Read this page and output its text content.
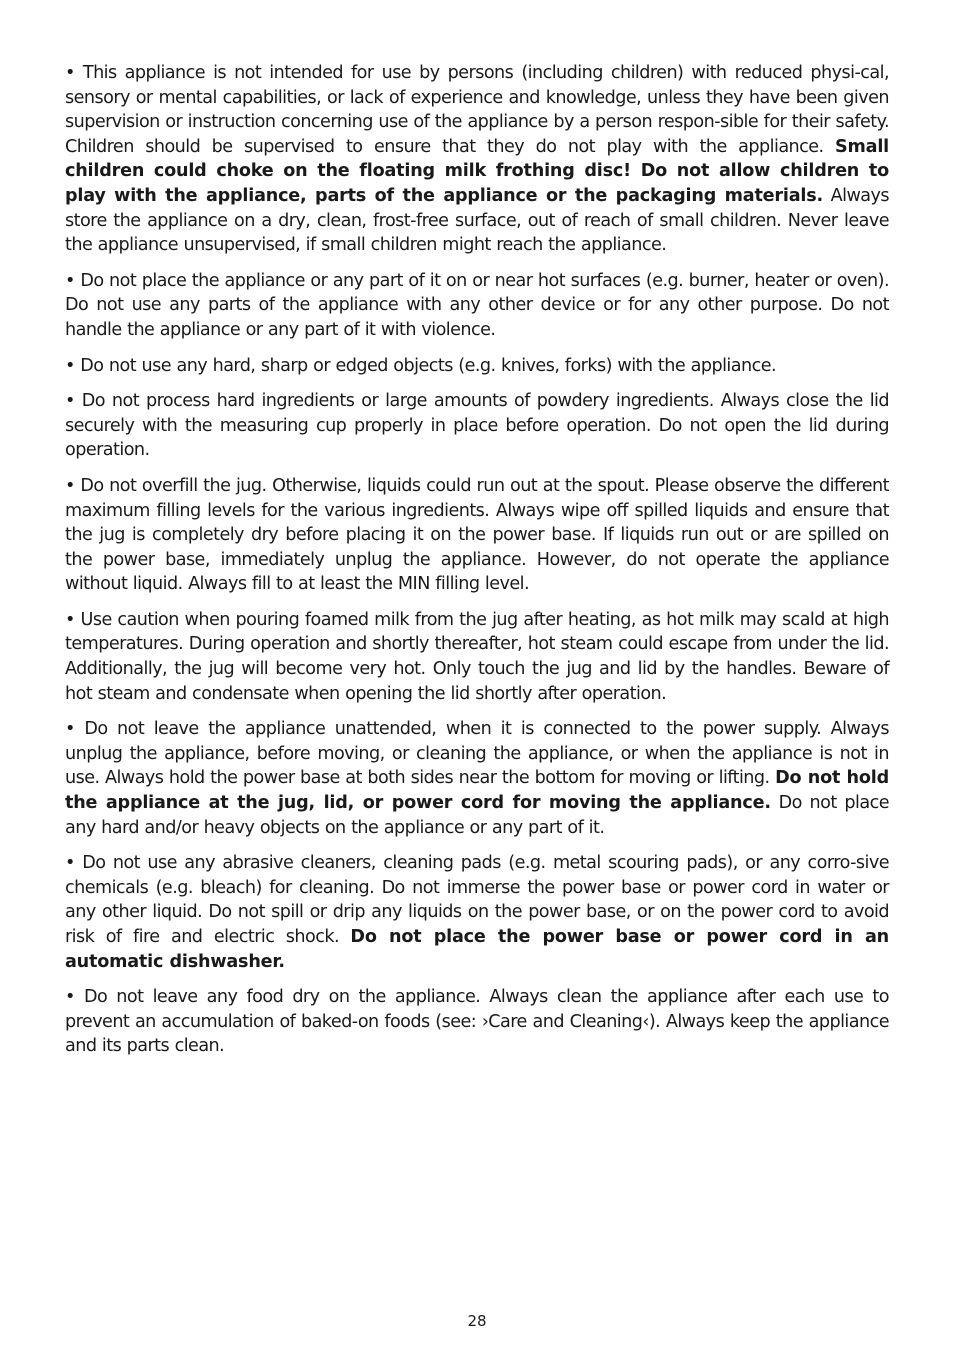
• This appliance is not intended for use by persons (including children) with reduced physi-cal, sensory or mental capabilities, or lack of experience and knowledge, unless they have been given supervision or instruction concerning use of the appliance by a person respon-sible for their safety. Children should be supervised to ensure that they do not play with the appliance. Small children could choke on the floating milk frothing disc! Do not allow children to play with the appliance, parts of the appliance or the packaging materials. Always store the appliance on a dry, clean, frost-free surface, out of reach of small children. Never leave the appliance unsupervised, if small children might reach the appliance.

• Do not place the appliance or any part of it on or near hot surfaces (e.g. burner, heater or oven). Do not use any parts of the appliance with any other device or for any other purpose. Do not handle the appliance or any part of it with violence.

• Do not use any hard, sharp or edged objects (e.g. knives, forks) with the appliance.

• Do not process hard ingredients or large amounts of powdery ingredients. Always close the lid securely with the measuring cup properly in place before operation. Do not open the lid during operation.

• Do not overfill the jug. Otherwise, liquids could run out at the spout. Please observe the different maximum filling levels for the various ingredients. Always wipe off spilled liquids and ensure that the jug is completely dry before placing it on the power base. If liquids run out or are spilled on the power base, immediately unplug the appliance. However, do not operate the appliance without liquid. Always fill to at least the MIN filling level.

• Use caution when pouring foamed milk from the jug after heating, as hot milk may scald at high temperatures. During operation and shortly thereafter, hot steam could escape from under the lid. Additionally, the jug will become very hot. Only touch the jug and lid by the handles. Beware of hot steam and condensate when opening the lid shortly after operation.

• Do not leave the appliance unattended, when it is connected to the power supply. Always unplug the appliance, before moving, or cleaning the appliance, or when the appliance is not in use. Always hold the power base at both sides near the bottom for moving or lifting. Do not hold the appliance at the jug, lid, or power cord for moving the appliance. Do not place any hard and/or heavy objects on the appliance or any part of it.

• Do not use any abrasive cleaners, cleaning pads (e.g. metal scouring pads), or any corro-sive chemicals (e.g. bleach) for cleaning. Do not immerse the power base or power cord in water or any other liquid. Do not spill or drip any liquids on the power base, or on the power cord to avoid risk of fire and electric shock. Do not place the power base or power cord in an automatic dishwasher.

• Do not leave any food dry on the appliance. Always clean the appliance after each use to prevent an accumulation of baked-on foods (see: ›Care and Cleaning‹). Always keep the appliance and its parts clean.

28
